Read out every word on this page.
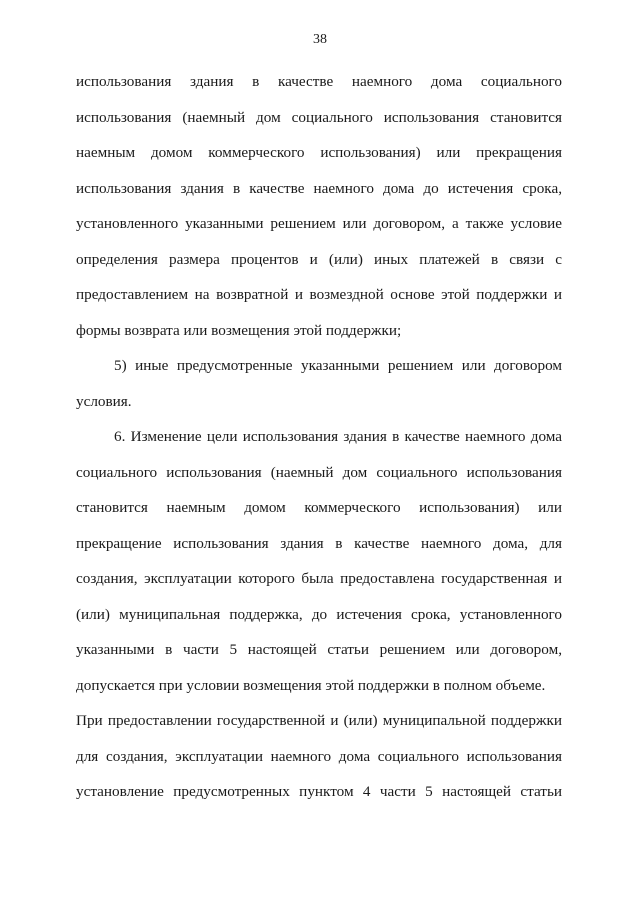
38
использования здания в качестве наемного дома социального
использования (наемный дом социального использования становится
наемным домом коммерческого использования) или прекращения
использования здания в качестве наемного дома до истечения срока,
установленного указанными решением или договором, а также условие
определения размера процентов и (или) иных платежей в связи с
предоставлением на возвратной и возмездной основе этой поддержки и
формы возврата или возмещения этой поддержки;
5) иные предусмотренные указанными решением или договором
условия.
6. Изменение цели использования здания в качестве наемного дома
социального использования (наемный дом социального использования
становится наемным домом коммерческого использования) или
прекращение использования здания в качестве наемного дома, для
создания, эксплуатации которого была предоставлена государственная и
(или) муниципальная поддержка, до истечения срока, установленного
указанными в части 5 настоящей статьи решением или договором,
допускается при условии возмещения этой поддержки в полном объеме.
При предоставлении государственной и (или) муниципальной поддержки
для создания, эксплуатации наемного дома социального использования
установление предусмотренных пунктом 4 части 5 настоящей статьи
